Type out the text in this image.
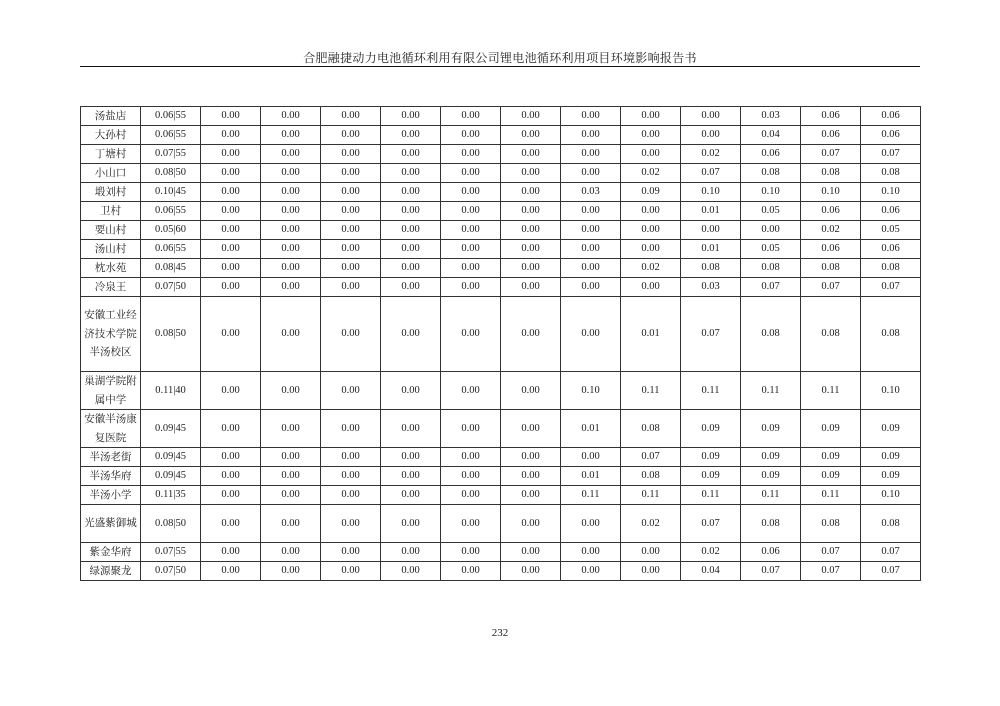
合肥融捷动力电池循环利用有限公司锂电池循环利用项目环境影响报告书
汤盐店	0.06|55	0.00	0.00	0.00	0.00	0.00	0.00	0.00	0.00	0.00	0.03	0.06	0.06
大孙村	0.06|55	0.00	0.00	0.00	0.00	0.00	0.00	0.00	0.00	0.00	0.04	0.06	0.06
丁塘村	0.07|55	0.00	0.00	0.00	0.00	0.00	0.00	0.00	0.00	0.02	0.06	0.07	0.07
小山口	0.08|50	0.00	0.00	0.00	0.00	0.00	0.00	0.00	0.02	0.07	0.08	0.08	0.08
塅刘村	0.10|45	0.00	0.00	0.00	0.00	0.00	0.00	0.03	0.09	0.10	0.10	0.10	0.10
卫村	0.06|55	0.00	0.00	0.00	0.00	0.00	0.00	0.00	0.00	0.01	0.05	0.06	0.06
要山村	0.05|60	0.00	0.00	0.00	0.00	0.00	0.00	0.00	0.00	0.00	0.00	0.02	0.05
汤山村	0.06|55	0.00	0.00	0.00	0.00	0.00	0.00	0.00	0.00	0.01	0.05	0.06	0.06
枕水苑	0.08|45	0.00	0.00	0.00	0.00	0.00	0.00	0.00	0.02	0.08	0.08	0.08	0.08
冷泉王	0.07|50	0.00	0.00	0.00	0.00	0.00	0.00	0.00	0.00	0.03	0.07	0.07	0.07
安徽工业经济技术学院半汤校区	0.08|50	0.00	0.00	0.00	0.00	0.00	0.00	0.00	0.01	0.07	0.08	0.08	0.08
巢湖学院附属中学	0.11|40	0.00	0.00	0.00	0.00	0.00	0.00	0.10	0.11	0.11	0.11	0.11	0.10
安徽半汤康复医院	0.09|45	0.00	0.00	0.00	0.00	0.00	0.00	0.01	0.08	0.09	0.09	0.09	0.09
半汤老街	0.09|45	0.00	0.00	0.00	0.00	0.00	0.00	0.00	0.07	0.09	0.09	0.09	0.09
半汤华府	0.09|45	0.00	0.00	0.00	0.00	0.00	0.00	0.01	0.08	0.09	0.09	0.09	0.09
半汤小学	0.11|35	0.00	0.00	0.00	0.00	0.00	0.00	0.11	0.11	0.11	0.11	0.11	0.10
光盛紫御城	0.08|50	0.00	0.00	0.00	0.00	0.00	0.00	0.00	0.02	0.07	0.08	0.08	0.08
紫金华府	0.07|55	0.00	0.00	0.00	0.00	0.00	0.00	0.00	0.00	0.02	0.06	0.07	0.07
绿源聚龙	0.07|50	0.00	0.00	0.00	0.00	0.00	0.00	0.00	0.00	0.04	0.07	0.07	0.07
232
